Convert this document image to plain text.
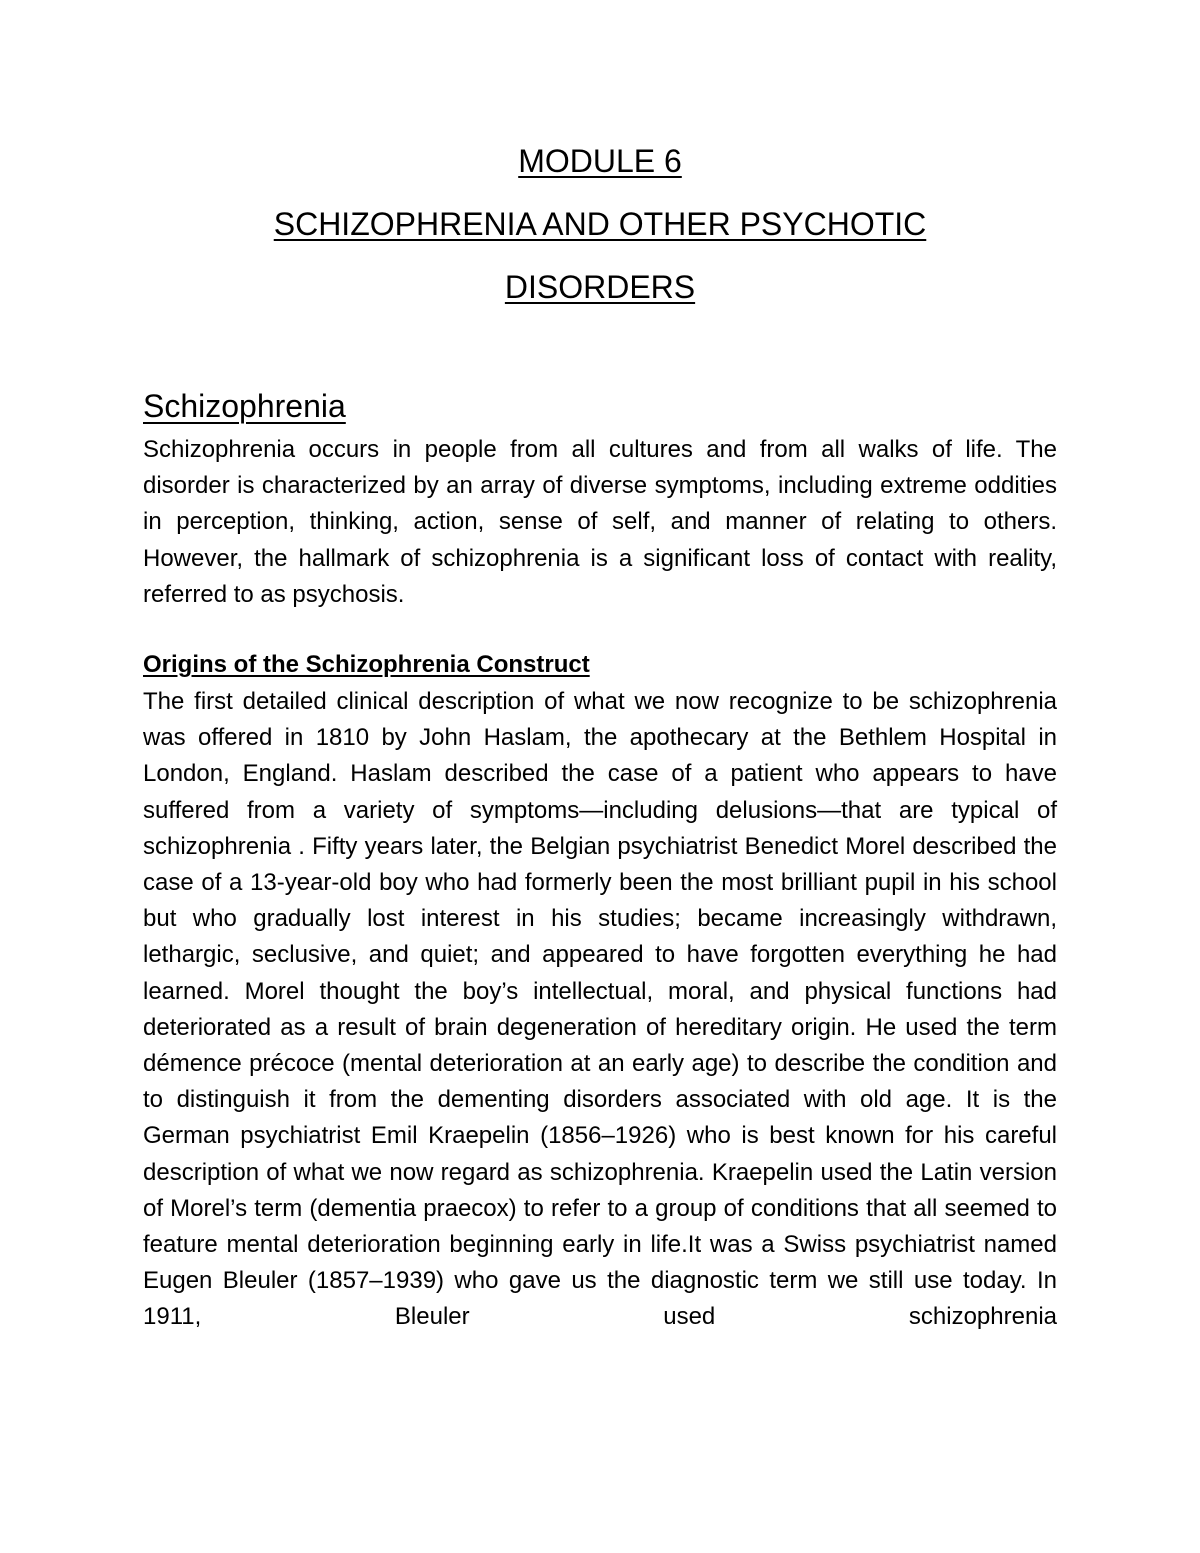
MODULE 6
SCHIZOPHRENIA AND OTHER PSYCHOTIC
DISORDERS
Schizophrenia

Schizophrenia occurs in people from all cultures and from all walks of life. The disorder is characterized by an array of diverse symptoms, including extreme oddities in perception, thinking, action, sense of self, and manner of relating to others. However, the hallmark of schizophrenia is a significant loss of contact with reality, referred to as psychosis.

Origins of the Schizophrenia Construct

The first detailed clinical description of what we now recognize to be schizophrenia was offered in 1810 by John Haslam, the apothecary at the Bethlem Hospital in London, England. Haslam described the case of a patient who appears to have suffered from a variety of symptoms—including delusions—that are typical of schizophrenia . Fifty years later, the Belgian psychiatrist Benedict Morel described the case of a 13-year-old boy who had formerly been the most brilliant pupil in his school but who gradually lost interest in his studies; became increasingly withdrawn, lethargic, seclusive, and quiet; and appeared to have forgotten everything he had learned. Morel thought the boy’s intellectual, moral, and physical functions had deteriorated as a result of brain degeneration of hereditary origin. He used the term démence précoce (mental deterioration at an early age) to describe the condition and to distinguish it from the dementing disorders associated with old age. It is the German psychiatrist Emil Kraepelin (1856–1926) who is best known for his careful description of what we now regard as schizophrenia. Kraepelin used the Latin version of Morel’s term (dementia praecox) to refer to a group of conditions that all seemed to feature mental deterioration beginning early in life.It was a Swiss psychiatrist named Eugen Bleuler (1857–1939) who gave us the diagnostic term we still use today. In 1911, Bleuler used schizophrenia
